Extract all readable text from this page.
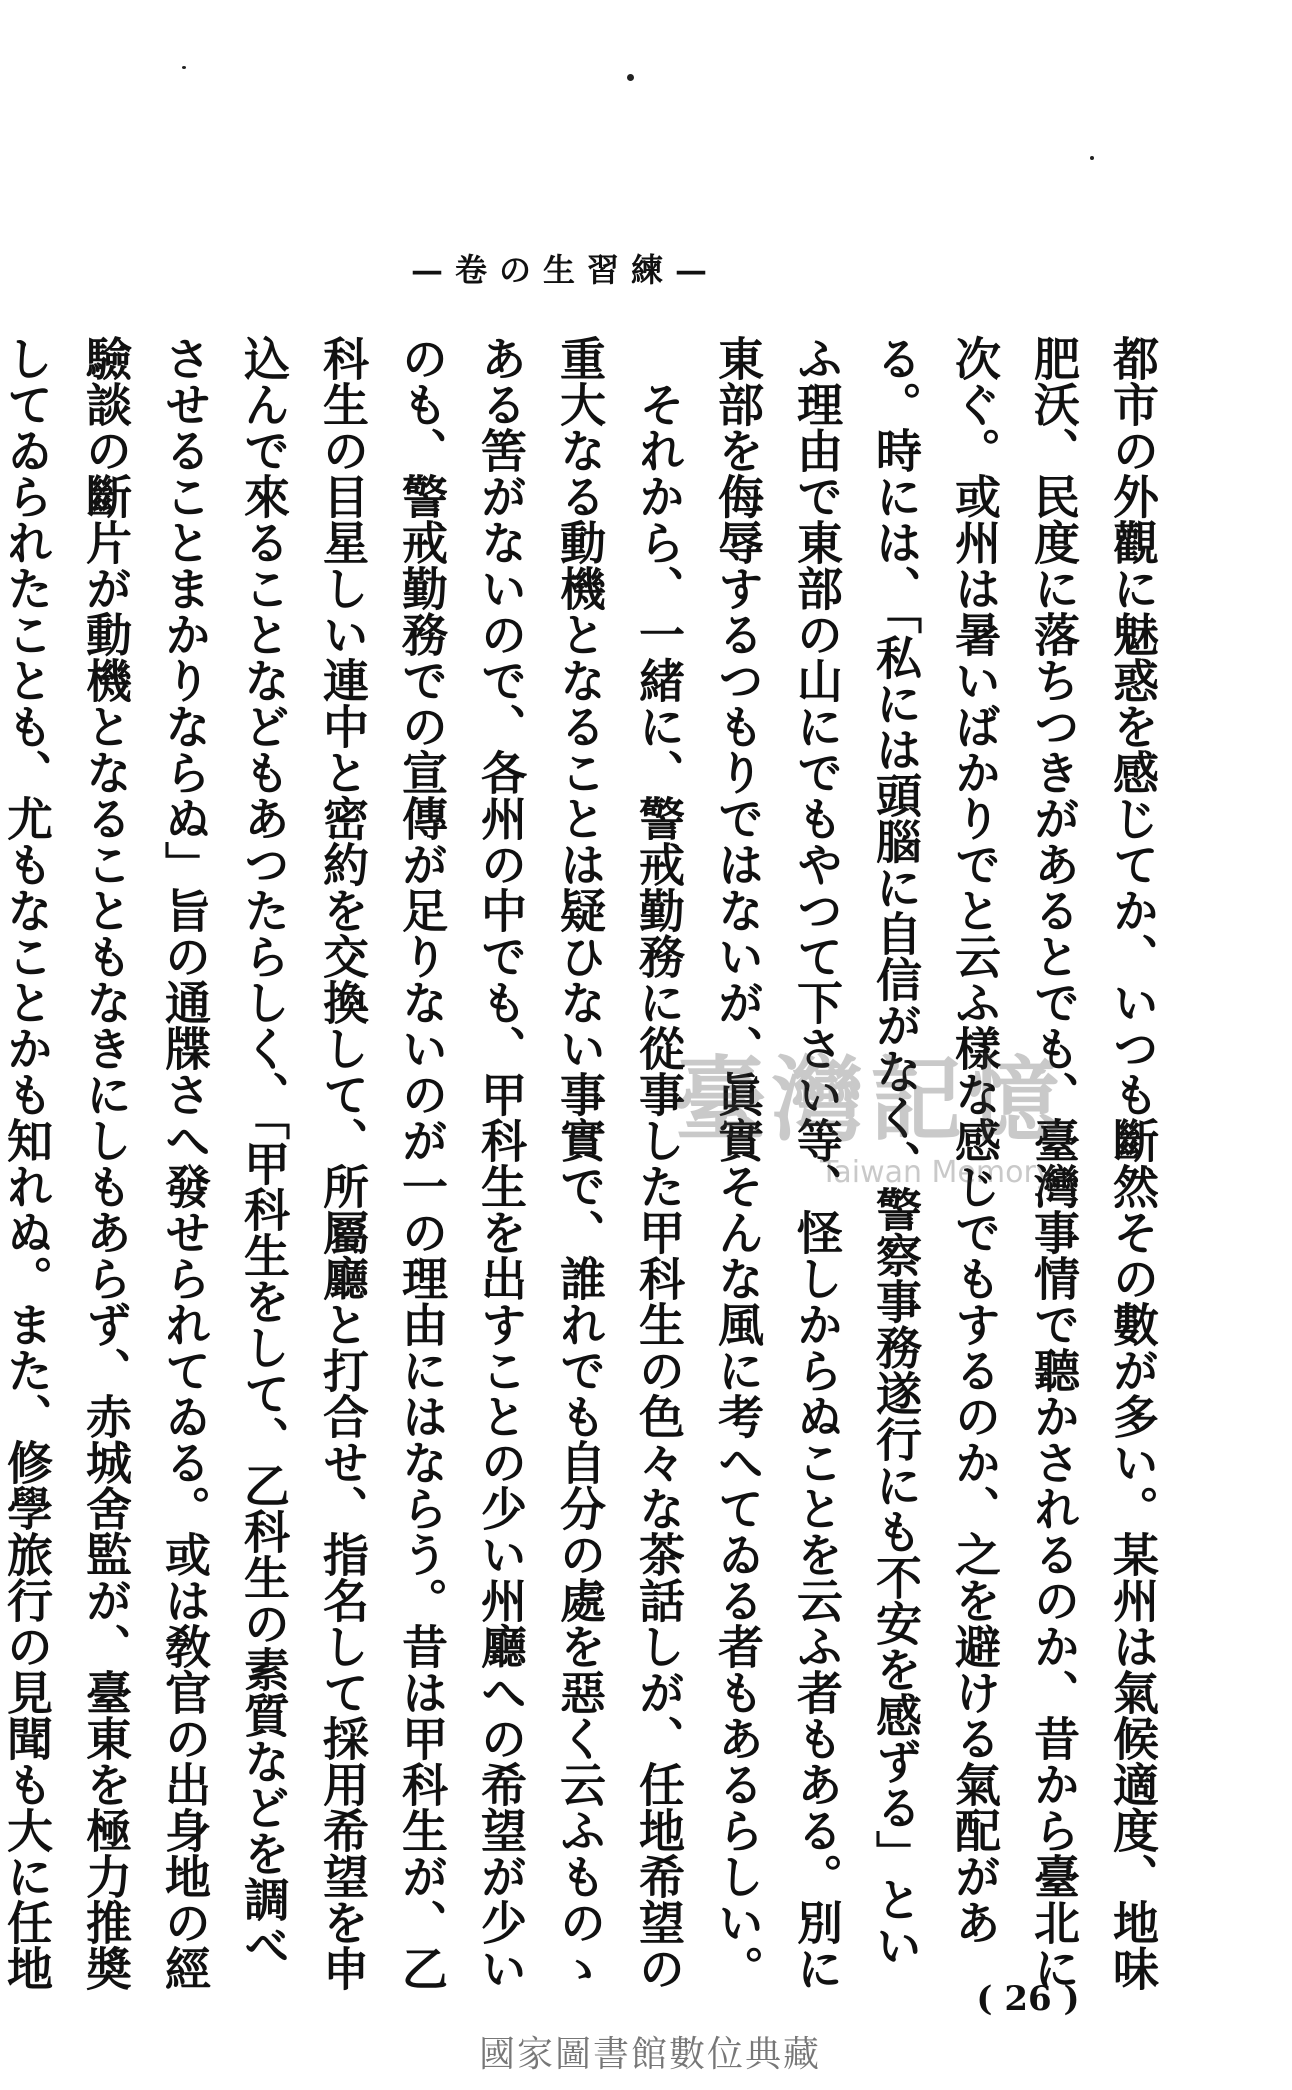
—卷の生習練—

都市の外觀に魅惑を感じてか、いつも斷然その數が多い。某州は氣候適度、地味肥沃、民度に落ちつきがあるとでも、臺灣事情で聽かされるのか、昔から臺北に次ぐ。或州は暑いばかりでと云ふ樣な感じでもするのか、之を避ける氣配がある。時には、「私には頭腦に自信がなく、警察事務遂行にも不安を感ずる」といふ理由で東部の山にでもやつて下さい等、怪しからぬことを云ふ者もある。別に東部を侮辱するつもりではないが、眞實そんな風に考へてゐる者もあるらしい。

それから、一緒に、警戒勤務に從事した甲科生の色々な茶話しが、任地希望の重大なる動機となることは疑ひない事實で、誰れでも自分の處を惡く云ふものゝある筈がないので、各州の中でも、甲科生を出すことの少い州廳への希望が少いのも、警戒勤務での宣傳が足りないのが一の理由にはならう。昔は甲科生が、乙科生の目星しい連中と密約を交換して、所屬廳と打合せ、指名して採用希望を申込んで來ることなどもあつたらしく、「甲科生をして、乙科生の素質などを調べさせることまかりならぬ」旨の通牒さへ發せられてゐる。或は敎官の出身地の經驗談の斷片が動機となることもなきにしもあらず、赤城舍監が、臺東を極力推奬してゐられたことも、尤もなことかも知れぬ。また、修學旅行の見聞も大に任地

臺灣記憶
Taiwan Memory
( 26 )
國家圖書館數位典藏
